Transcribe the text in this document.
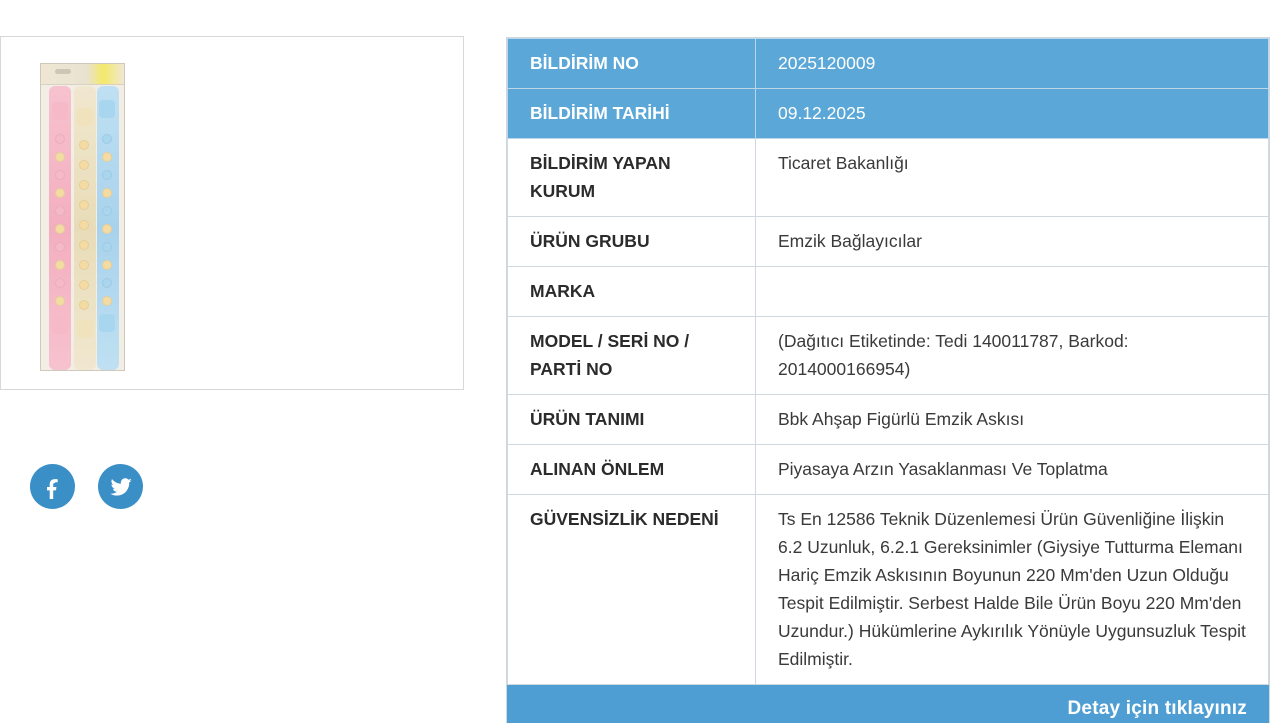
BİLDİRİM NO	2025120009
BİLDİRİM TARİHİ	09.12.2025
BİLDİRİM YAPAN KURUM	Ticaret Bakanlığı
ÜRÜN GRUBU	Emzik Bağlayıcılar
MARKA	
MODEL / SERİ NO / PARTİ NO	(Dağıtıcı Etiketinde: Tedi 140011787, Barkod: 2014000166954)
ÜRÜN TANIMI	Bbk Ahşap Figürlü Emzik Askısı
ALINAN ÖNLEM	Piyasaya Arzın Yasaklanması Ve Toplatma
GÜVENSİZLİK NEDENİ	Ts En 12586 Teknik Düzenlemesi Ürün Güvenliğine İlişkin 6.2 Uzunluk, 6.2.1 Gereksinimler (Giysiye Tutturma Elemanı Hariç Emzik Askısının Boyunun 220 Mm'den Uzun Olduğu Tespit Edilmiştir. Serbest Halde Bile Ürün Boyu 220 Mm'den Uzundur.) Hükümlerine Aykırılık Yönüyle Uygunsuzluk Tespit Edilmiştir.
Detay için tıklayınız
